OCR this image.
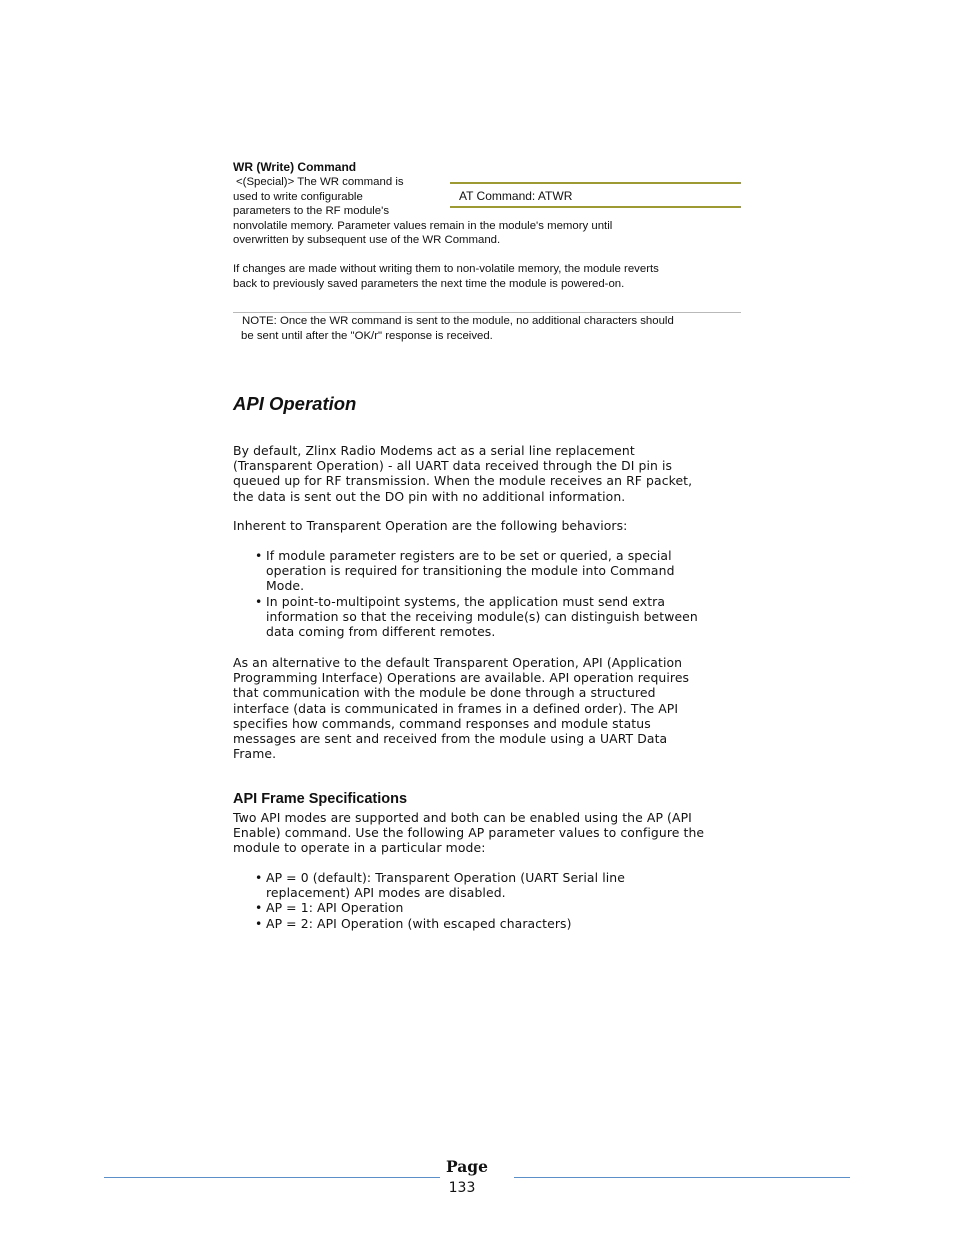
WR (Write) Command
<(Special)> The WR command is
used to write configurable
parameters to the RF module's
nonvolatile memory. Parameter values remain in the module's memory until
overwritten by subsequent use of the WR Command.
AT Command: ATWR
If changes are made without writing them to non-volatile memory, the module reverts
back to previously saved parameters the next time the module is powered-on.
NOTE: Once the WR command is sent to the module, no additional characters should
be sent until after the "OK/r" response is received.
API Operation
By default, Zlinx Radio Modems act as a serial line replacement
(Transparent Operation) - all UART data received through the DI pin is
queued up for RF transmission. When the module receives an RF packet,
the data is sent out the DO pin with no additional information.
Inherent to Transparent Operation are the following behaviors:
• If module parameter registers are to be set or queried, a special
operation is required for transitioning the module into Command
Mode.
• In point-to-multipoint systems, the application must send extra
information so that the receiving module(s) can distinguish between
data coming from different remotes.
As an alternative to the default Transparent Operation, API (Application
Programming Interface) Operations are available. API operation requires
that communication with the module be done through a structured
interface (data is communicated in frames in a defined order). The API
specifies how commands, command responses and module status
messages are sent and received from the module using a UART Data
Frame.
API Frame Specifications
Two API modes are supported and both can be enabled using the AP (API
Enable) command. Use the following AP parameter values to configure the
module to operate in a particular mode:
• AP = 0 (default): Transparent Operation (UART Serial line
replacement) API modes are disabled.
• AP = 1: API Operation
• AP = 2: API Operation (with escaped characters)
Page
133
